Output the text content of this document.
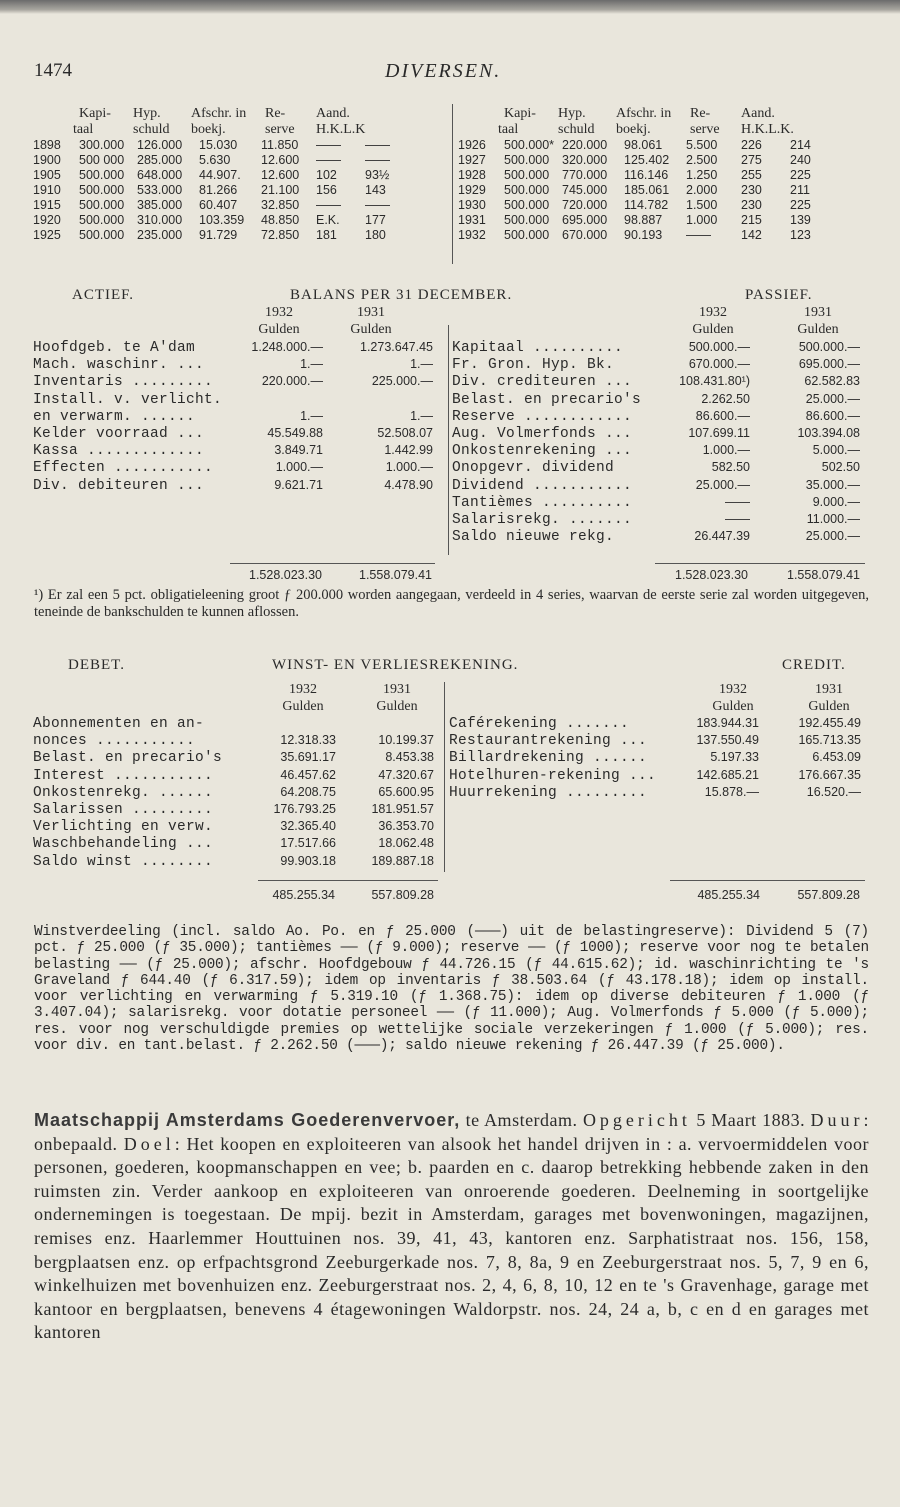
1474	DIVERSEN.
Kapi- Hyp. Afschr. in Re- Aand.
taal	schuld boekj.	serve H.K.L.K
1898 300.000 126.000 15.030 11.850 —— ——
1900 500 000 285.000 5.630 12.600 —— ——
1905 500.000 648.000 44.907. 12.600 102 93½
1910 500.000 533.000 81.266 21.100 156 143
1915 500.000 385.000 60.407 32.850 —— ——
1920 500.000 310.000 103.359 48.850 E.K. 177
1925 500.000 235.000 91.729 72.850 181 180
Kapi- Hyp. Afschr. in Re- Aand.
taal	schuld boekj.	serve H.K.L.K.
1926 500.000* 220.000 98.061 5.500 226 214
1927 500.000 320.000 125.402 2.500 275 240
1928 500.000 770.000 116.146 1.250 255 225
1929 500.000 745.000 185.061 2.000 230 211
1930 500.000 720.000 114.782 1.500 230 225
1931 500.000 695.000 98.887 1.000 215 139
1932 500.000 670.000 90.193 —— 142 123
ACTIEF.	BALANS PER 31 DECEMBER.	PASSIEF.
1932	1931
Gulden	Gulden
1932	1931
Gulden	Gulden
Hoofdgeb. te A'dam	1.248.000.—	1.273.647.45
Mach. waschinr. ...	1.—	1.—
Inventaris .........	220.000.—	225.000.—
Install. v. verlicht.
en verwarm. ......	1.—	1.—
Kelder voorraad ...	45.549.88	52.508.07
Kassa .............	3.849.71	1.442.99
Effecten ...........	1.000.—	1.000.—
Div. debiteuren ...	9.621.71	4.478.90
Kapitaal ..........	500.000.—	500.000.—
Fr. Gron. Hyp. Bk.	670.000.—	695.000.—
Div. crediteuren ...	108.431.80¹)	62.582.83
Belast. en precario's	2.262.50	25.000.—
Reserve ............	86.600.—	86.600.—
Aug. Volmerfonds ...	107.699.11	103.394.08
Onkostenrekening ...	1.000.—	5.000.—
Onopgevr. dividend	582.50	502.50
Dividend ...........	25.000.—	35.000.—
Tantièmes ..........	——	9.000.—
Salarisrekg. .......	——	11.000.—
Saldo nieuwe rekg.	26.447.39	25.000.—
1.528.023.30	1.558.079.41	1.528.023.30	1.558.079.41
¹) Er zal een 5 pct. obligatieleening groot ƒ 200.000 worden aangegaan, verdeeld in 4 series, waarvan de eerste serie zal worden uitgegeven, teneinde de bankschulden te kunnen aflossen.
DEBET.	WINST- EN VERLIESREKENING.	CREDIT.
1932	1931
Gulden	Gulden
1932	1931
Gulden	Gulden
Abonnementen en an-
nonces ...........	12.318.33	10.199.37
Belast. en precario's	35.691.17	8.453.38
Interest ...........	46.457.62	47.320.67
Onkostenrekg. ......	64.208.75	65.600.95
Salarissen .........	176.793.25	181.951.57
Verlichting en verw.	32.365.40	36.353.70
Waschbehandeling ...	17.517.66	18.062.48
Saldo winst ........	99.903.18	189.887.18
Caférekening .......	183.944.31	192.455.49
Restaurantrekening ...	137.550.49	165.713.35
Billardrekening ......	5.197.33	6.453.09
Hotelhuren-rekening ...	142.685.21	176.667.35
Huurrekening .........	15.878.—	16.520.—
485.255.34	557.809.28	485.255.34	557.809.28
Winstverdeeling (incl. saldo Ao. Po. en ƒ 25.000 (———) uit de belastingreserve): Dividend 5 (7) pct. ƒ 25.000 (ƒ 35.000); tantièmes —— (ƒ 9.000); reserve —— (ƒ 1000); reserve voor nog te betalen belasting —— (ƒ 25.000); afschr. Hoofdgebouw ƒ 44.726.15 (ƒ 44.615.62); id. waschinrichting te 's Graveland ƒ 644.40 (ƒ 6.317.59); idem op inventaris ƒ 38.503.64 (ƒ 43.178.18); idem op install. voor verlichting en verwarming ƒ 5.319.10 (ƒ 1.368.75): idem op diverse debiteuren ƒ 1.000 (ƒ 3.407.04); salarisrekg. voor dotatie personeel —— (ƒ 11.000); Aug. Volmerfonds ƒ 5.000 (ƒ 5.000); res. voor nog verschuldigde premies op wettelijke sociale verzekeringen ƒ 1.000 (ƒ 5.000); res. voor div. en tant.belast. ƒ 2.262.50 (———); saldo nieuwe rekening ƒ 26.447.39 (ƒ 25.000).
Maatschappij Amsterdams Goederenvervoer, te Amsterdam. Opgericht 5 Maart 1883. Duur: onbepaald. Doel: Het koopen en exploiteeren van alsook het handel drijven in : a. vervoermiddelen voor personen, goederen, koopmanschappen en vee; b. paarden en c. daarop betrekking hebbende zaken in den ruimsten zin. Verder aankoop en exploiteeren van onroerende goederen. Deelneming in soortgelijke ondernemingen is toegestaan. De mpij. bezit in Amsterdam, garages met bovenwoningen, magazijnen, remises enz. Haarlemmer Houttuinen nos. 39, 41, 43, kantoren enz. Sarphatistraat nos. 156, 158, bergplaatsen enz. op erfpachtsgrond Zeeburgerkade nos. 7, 8, 8a, 9 en Zeeburgerstraat nos. 5, 7, 9 en 6, winkelhuizen met bovenhuizen enz. Zeeburgerstraat nos. 2, 4, 6, 8, 10, 12 en te 's Gravenhage, garage met kantoor en bergplaatsen, benevens 4 étagewoningen Waldorpstr. nos. 24, 24 a, b, c en d en garages met kantoren
